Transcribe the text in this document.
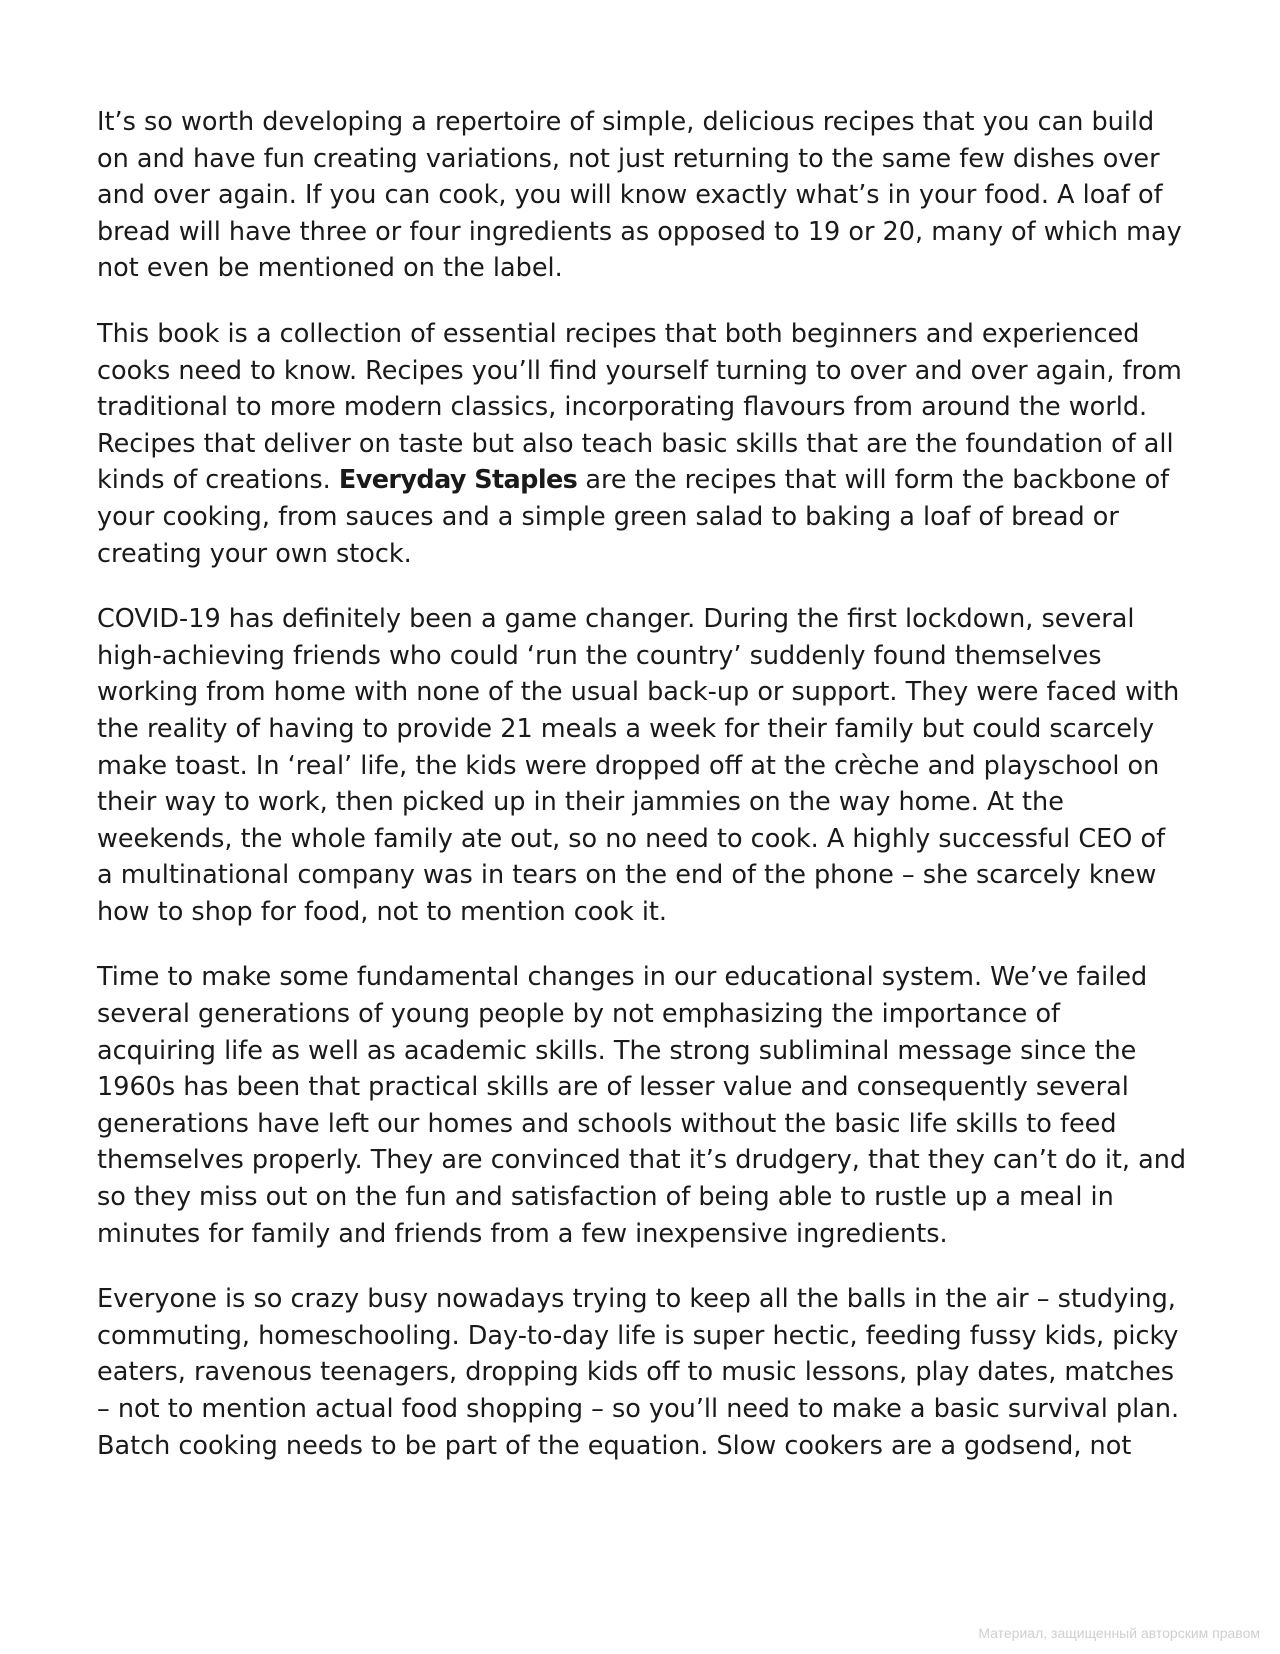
It’s so worth developing a repertoire of simple, delicious recipes that you can build on and have fun creating variations, not just returning to the same few dishes over and over again. If you can cook, you will know exactly what’s in your food. A loaf of bread will have three or four ingredients as opposed to 19 or 20, many of which may not even be mentioned on the label.

This book is a collection of essential recipes that both beginners and experienced cooks need to know. Recipes you’ll find yourself turning to over and over again, from traditional to more modern classics, incorporating flavours from around the world. Recipes that deliver on taste but also teach basic skills that are the foundation of all kinds of creations. Everyday Staples are the recipes that will form the backbone of your cooking, from sauces and a simple green salad to baking a loaf of bread or creating your own stock.

COVID-19 has definitely been a game changer. During the first lockdown, several high-achieving friends who could ‘run the country’ suddenly found themselves working from home with none of the usual back-up or support. They were faced with the reality of having to provide 21 meals a week for their family but could scarcely make toast. In ‘real’ life, the kids were dropped off at the crèche and playschool on their way to work, then picked up in their jammies on the way home. At the weekends, the whole family ate out, so no need to cook. A highly successful CEO of a multinational company was in tears on the end of the phone – she scarcely knew how to shop for food, not to mention cook it.

Time to make some fundamental changes in our educational system. We’ve failed several generations of young people by not emphasizing the importance of acquiring life as well as academic skills. The strong subliminal message since the 1960s has been that practical skills are of lesser value and consequently several generations have left our homes and schools without the basic life skills to feed themselves properly. They are convinced that it’s drudgery, that they can’t do it, and so they miss out on the fun and satisfaction of being able to rustle up a meal in minutes for family and friends from a few inexpensive ingredients.

Everyone is so crazy busy nowadays trying to keep all the balls in the air – studying, commuting, homeschooling. Day-to-day life is super hectic, feeding fussy kids, picky eaters, ravenous teenagers, dropping kids off to music lessons, play dates, matches – not to mention actual food shopping – so you’ll need to make a basic survival plan. Batch cooking needs to be part of the equation. Slow cookers are a godsend, not

Материал, защищенный авторским правом
